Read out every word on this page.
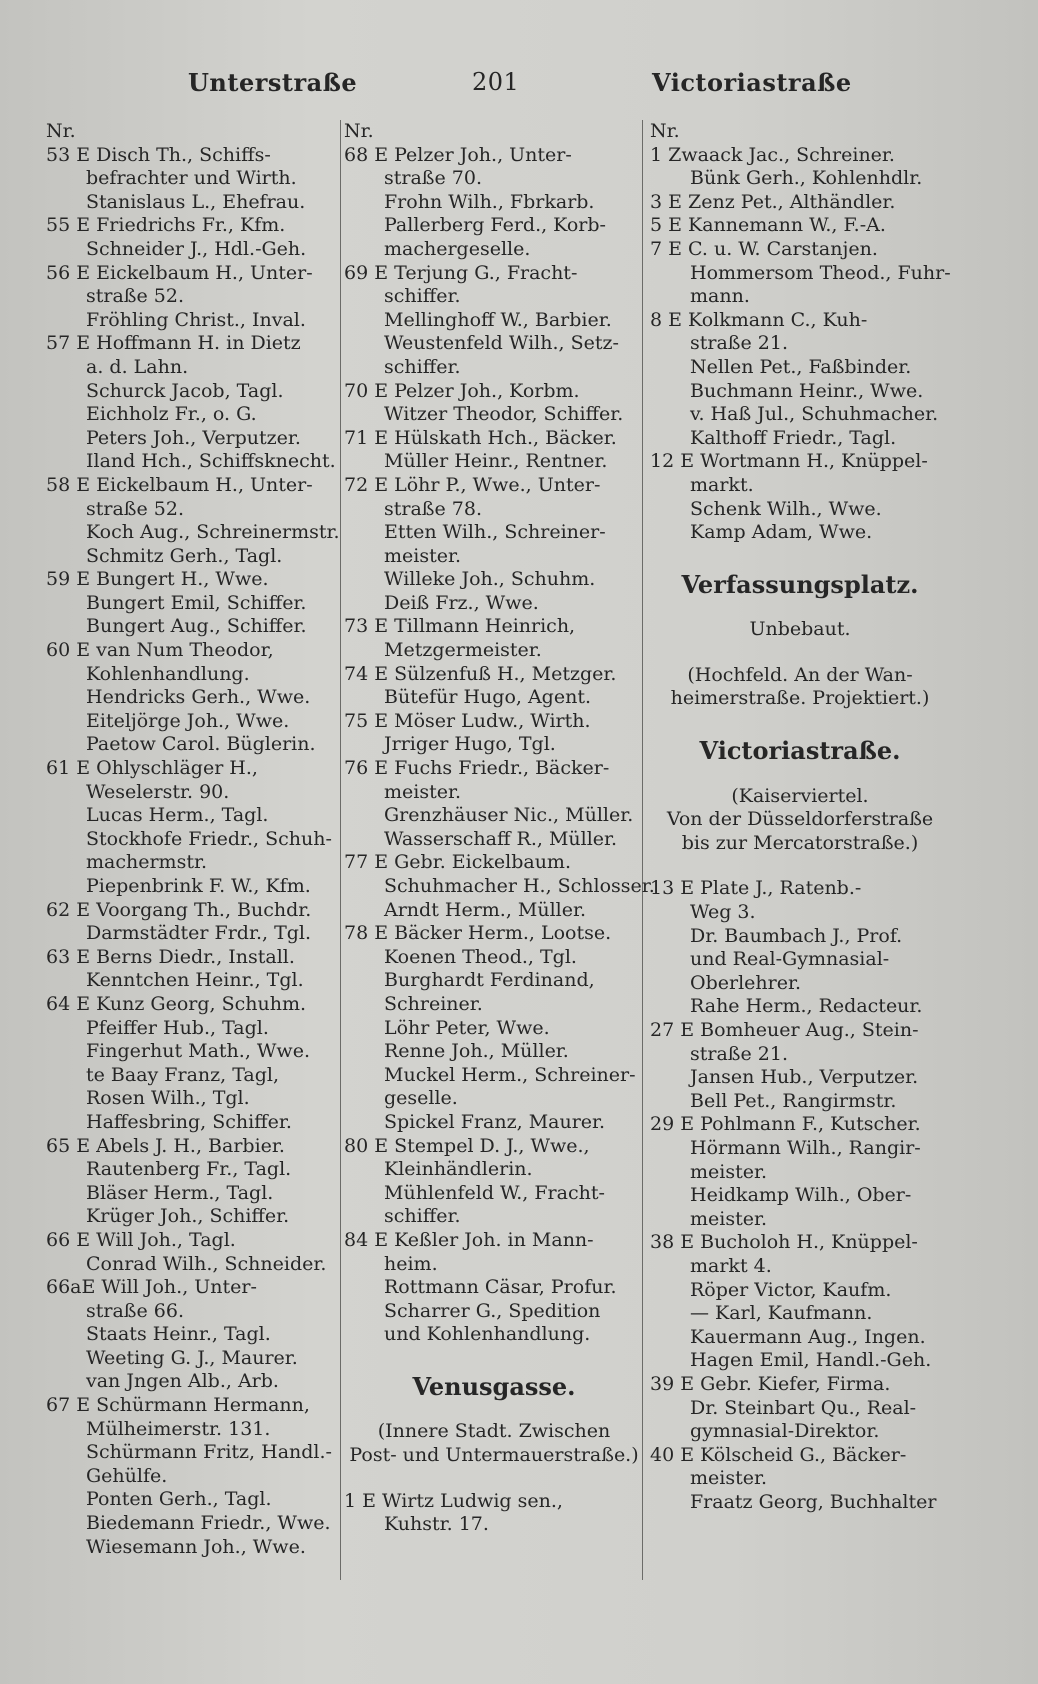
Unterstraße	201	Victoriastraße
Nr.
53 E Disch Th., Schiffs-
befrachter und Wirth.
Stanislaus L., Ehefrau.
55 E Friedrichs Fr., Kfm.
Schneider J., Hdl.-Geh.
56 E Eickelbaum H., Unter-
straße 52.
Fröhling Christ., Inval.
57 E Hoffmann H. in Dietz
a. d. Lahn.
Schurck Jacob, Tagl.
Eichholz Fr., o. G.
Peters Joh., Verputzer.
Iland Hch., Schiffsknecht.
58 E Eickelbaum H., Unter-
straße 52.
Koch Aug., Schreinermstr.
Schmitz Gerh., Tagl.
59 E Bungert H., Wwe.
Bungert Emil, Schiffer.
Bungert Aug., Schiffer.
60 E van Num Theodor,
Kohlenhandlung.
Hendricks Gerh., Wwe.
Eiteljörge Joh., Wwe.
Paetow Carol. Büglerin.
61 E Ohlyschläger H.,
Weselerstr. 90.
Lucas Herm., Tagl.
Stockhofe Friedr., Schuh-
machermstr.
Piepenbrink F. W., Kfm.
62 E Voorgang Th., Buchdr.
Darmstädter Frdr., Tgl.
63 E Berns Diedr., Install.
Kenntchen Heinr., Tgl.
64 E Kunz Georg, Schuhm.
Pfeiffer Hub., Tagl.
Fingerhut Math., Wwe.
te Baay Franz, Tagl,
Rosen Wilh., Tgl.
Haffesbring, Schiffer.
65 E Abels J. H., Barbier.
Rautenberg Fr., Tagl.
Bläser Herm., Tagl.
Krüger Joh., Schiffer.
66 E Will Joh., Tagl.
Conrad Wilh., Schneider.
66aE Will Joh., Unter-
straße 66.
Staats Heinr., Tagl.
Weeting G. J., Maurer.
van Jngen Alb., Arb.
67 E Schürmann Hermann,
Mülheimerstr. 131.
Schürmann Fritz, Handl.-
Gehülfe.
Ponten Gerh., Tagl.
Biedemann Friedr., Wwe.
Wiesemann Joh., Wwe.
Nr.
68 E Pelzer Joh., Unter-
straße 70.
Frohn Wilh., Fbrkarb.
Pallerberg Ferd., Korb-
machergeselle.
69 E Terjung G., Fracht-
schiffer.
Mellinghoff W., Barbier.
Weustenfeld Wilh., Setz-
schiffer.
70 E Pelzer Joh., Korbm.
Witzer Theodor, Schiffer.
71 E Hülskath Hch., Bäcker.
Müller Heinr., Rentner.
72 E Löhr P., Wwe., Unter-
straße 78.
Etten Wilh., Schreiner-
meister.
Willeke Joh., Schuhm.
Deiß Frz., Wwe.
73 E Tillmann Heinrich,
Metzgermeister.
74 E Sülzenfuß H., Metzger.
Bütefür Hugo, Agent.
75 E Möser Ludw., Wirth.
Jrriger Hugo, Tgl.
76 E Fuchs Friedr., Bäcker-
meister.
Grenzhäuser Nic., Müller.
Wasserschaff R., Müller.
77 E Gebr. Eickelbaum.
Schuhmacher H., Schlosser.
Arndt Herm., Müller.
78 E Bäcker Herm., Lootse.
Koenen Theod., Tgl.
Burghardt Ferdinand,
Schreiner.
Löhr Peter, Wwe.
Renne Joh., Müller.
Muckel Herm., Schreiner-
geselle.
Spickel Franz, Maurer.
80 E Stempel D. J., Wwe.,
Kleinhändlerin.
Mühlenfeld W., Fracht-
schiffer.
84 E Keßler Joh. in Mann-
heim.
Rottmann Cäsar, Profur.
Scharrer G., Spedition
und Kohlenhandlung.
Venusgasse.
(Innere Stadt. Zwischen
Post- und Untermauerstraße.)
1 E Wirtz Ludwig sen.,
Kuhstr. 17.
Nr.
1 Zwaack Jac., Schreiner.
Bünk Gerh., Kohlenhdlr.
3 E Zenz Pet., Althändler.
5 E Kannemann W., F.-A.
7 E C. u. W. Carstanjen.
Hommersom Theod., Fuhr-
mann.
8 E Kolkmann C., Kuh-
straße 21.
Nellen Pet., Faßbinder.
Buchmann Heinr., Wwe.
v. Haß Jul., Schuhmacher.
Kalthoff Friedr., Tagl.
12 E Wortmann H., Knüppel-
markt.
Schenk Wilh., Wwe.
Kamp Adam, Wwe.
Verfassungsplatz.
Unbebaut.
(Hochfeld. An der Wan-
heimerstraße. Projektiert.)
Victoriastraße.
(Kaiserviertel.
Von der Düsseldorferstraße
bis zur Mercatorstraße.)
13 E Plate J., Ratenb.-
Weg 3.
Dr. Baumbach J., Prof.
und Real-Gymnasial-
Oberlehrer.
Rahe Herm., Redacteur.
27 E Bomheuer Aug., Stein-
straße 21.
Jansen Hub., Verputzer.
Bell Pet., Rangirmstr.
29 E Pohlmann F., Kutscher.
Hörmann Wilh., Rangir-
meister.
Heidkamp Wilh., Ober-
meister.
38 E Bucholoh H., Knüppel-
markt 4.
Röper Victor, Kaufm.
— Karl, Kaufmann.
Kauermann Aug., Ingen.
Hagen Emil, Handl.-Geh.
39 E Gebr. Kiefer, Firma.
Dr. Steinbart Qu., Real-
gymnasial-Direktor.
40 E Kölscheid G., Bäcker-
meister.
Fraatz Georg, Buchhalter
